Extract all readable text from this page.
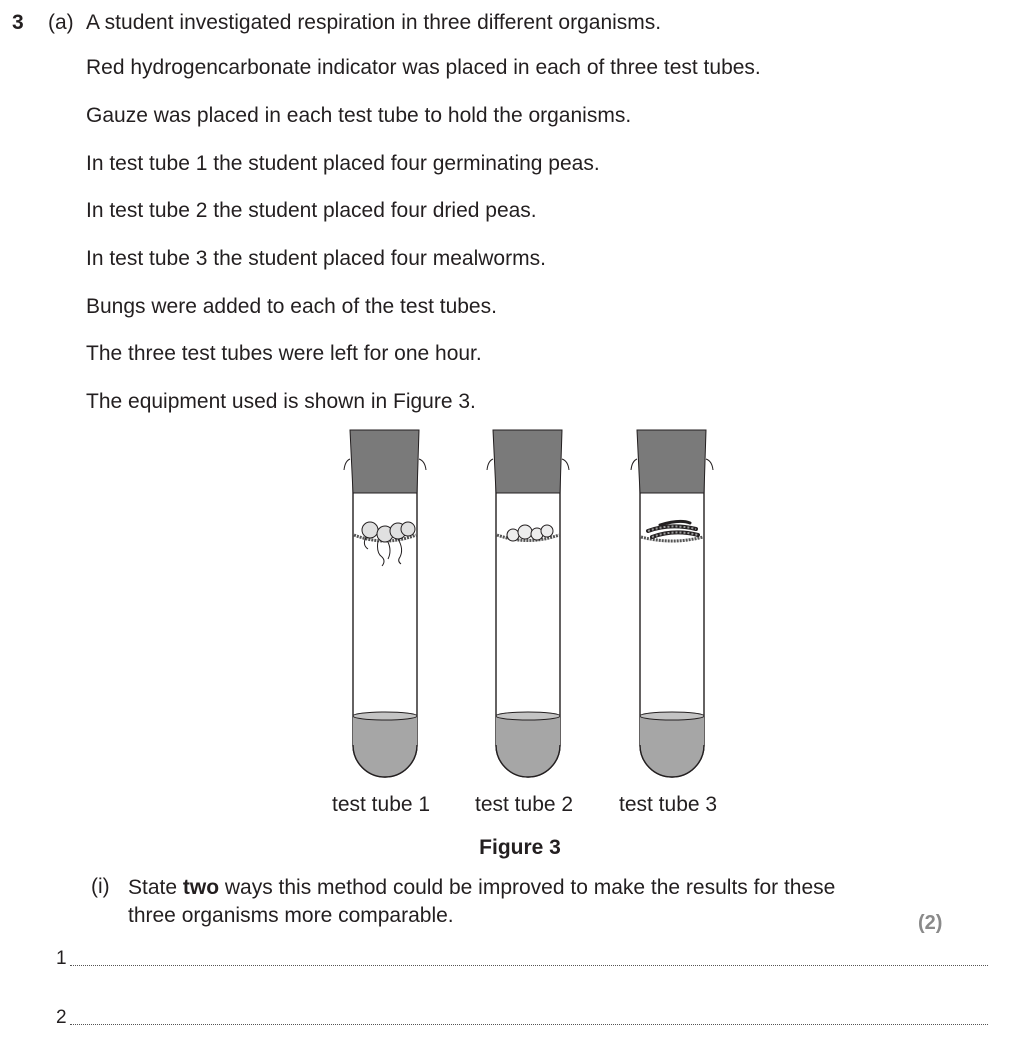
3 (a) A student investigated respiration in three different organisms.
Red hydrogencarbonate indicator was placed in each of three test tubes.
Gauze was placed in each test tube to hold the organisms.
In test tube 1 the student placed four germinating peas.
In test tube 2 the student placed four dried peas.
In test tube 3 the student placed four mealworms.
Bungs were added to each of the test tubes.
The three test tubes were left for one hour.
The equipment used is shown in Figure 3.
test tube 1 test tube 2 test tube 3
Figure 3
(i) State two ways this method could be improved to make the results for these
three organisms more comparable.	(2)
1
2
